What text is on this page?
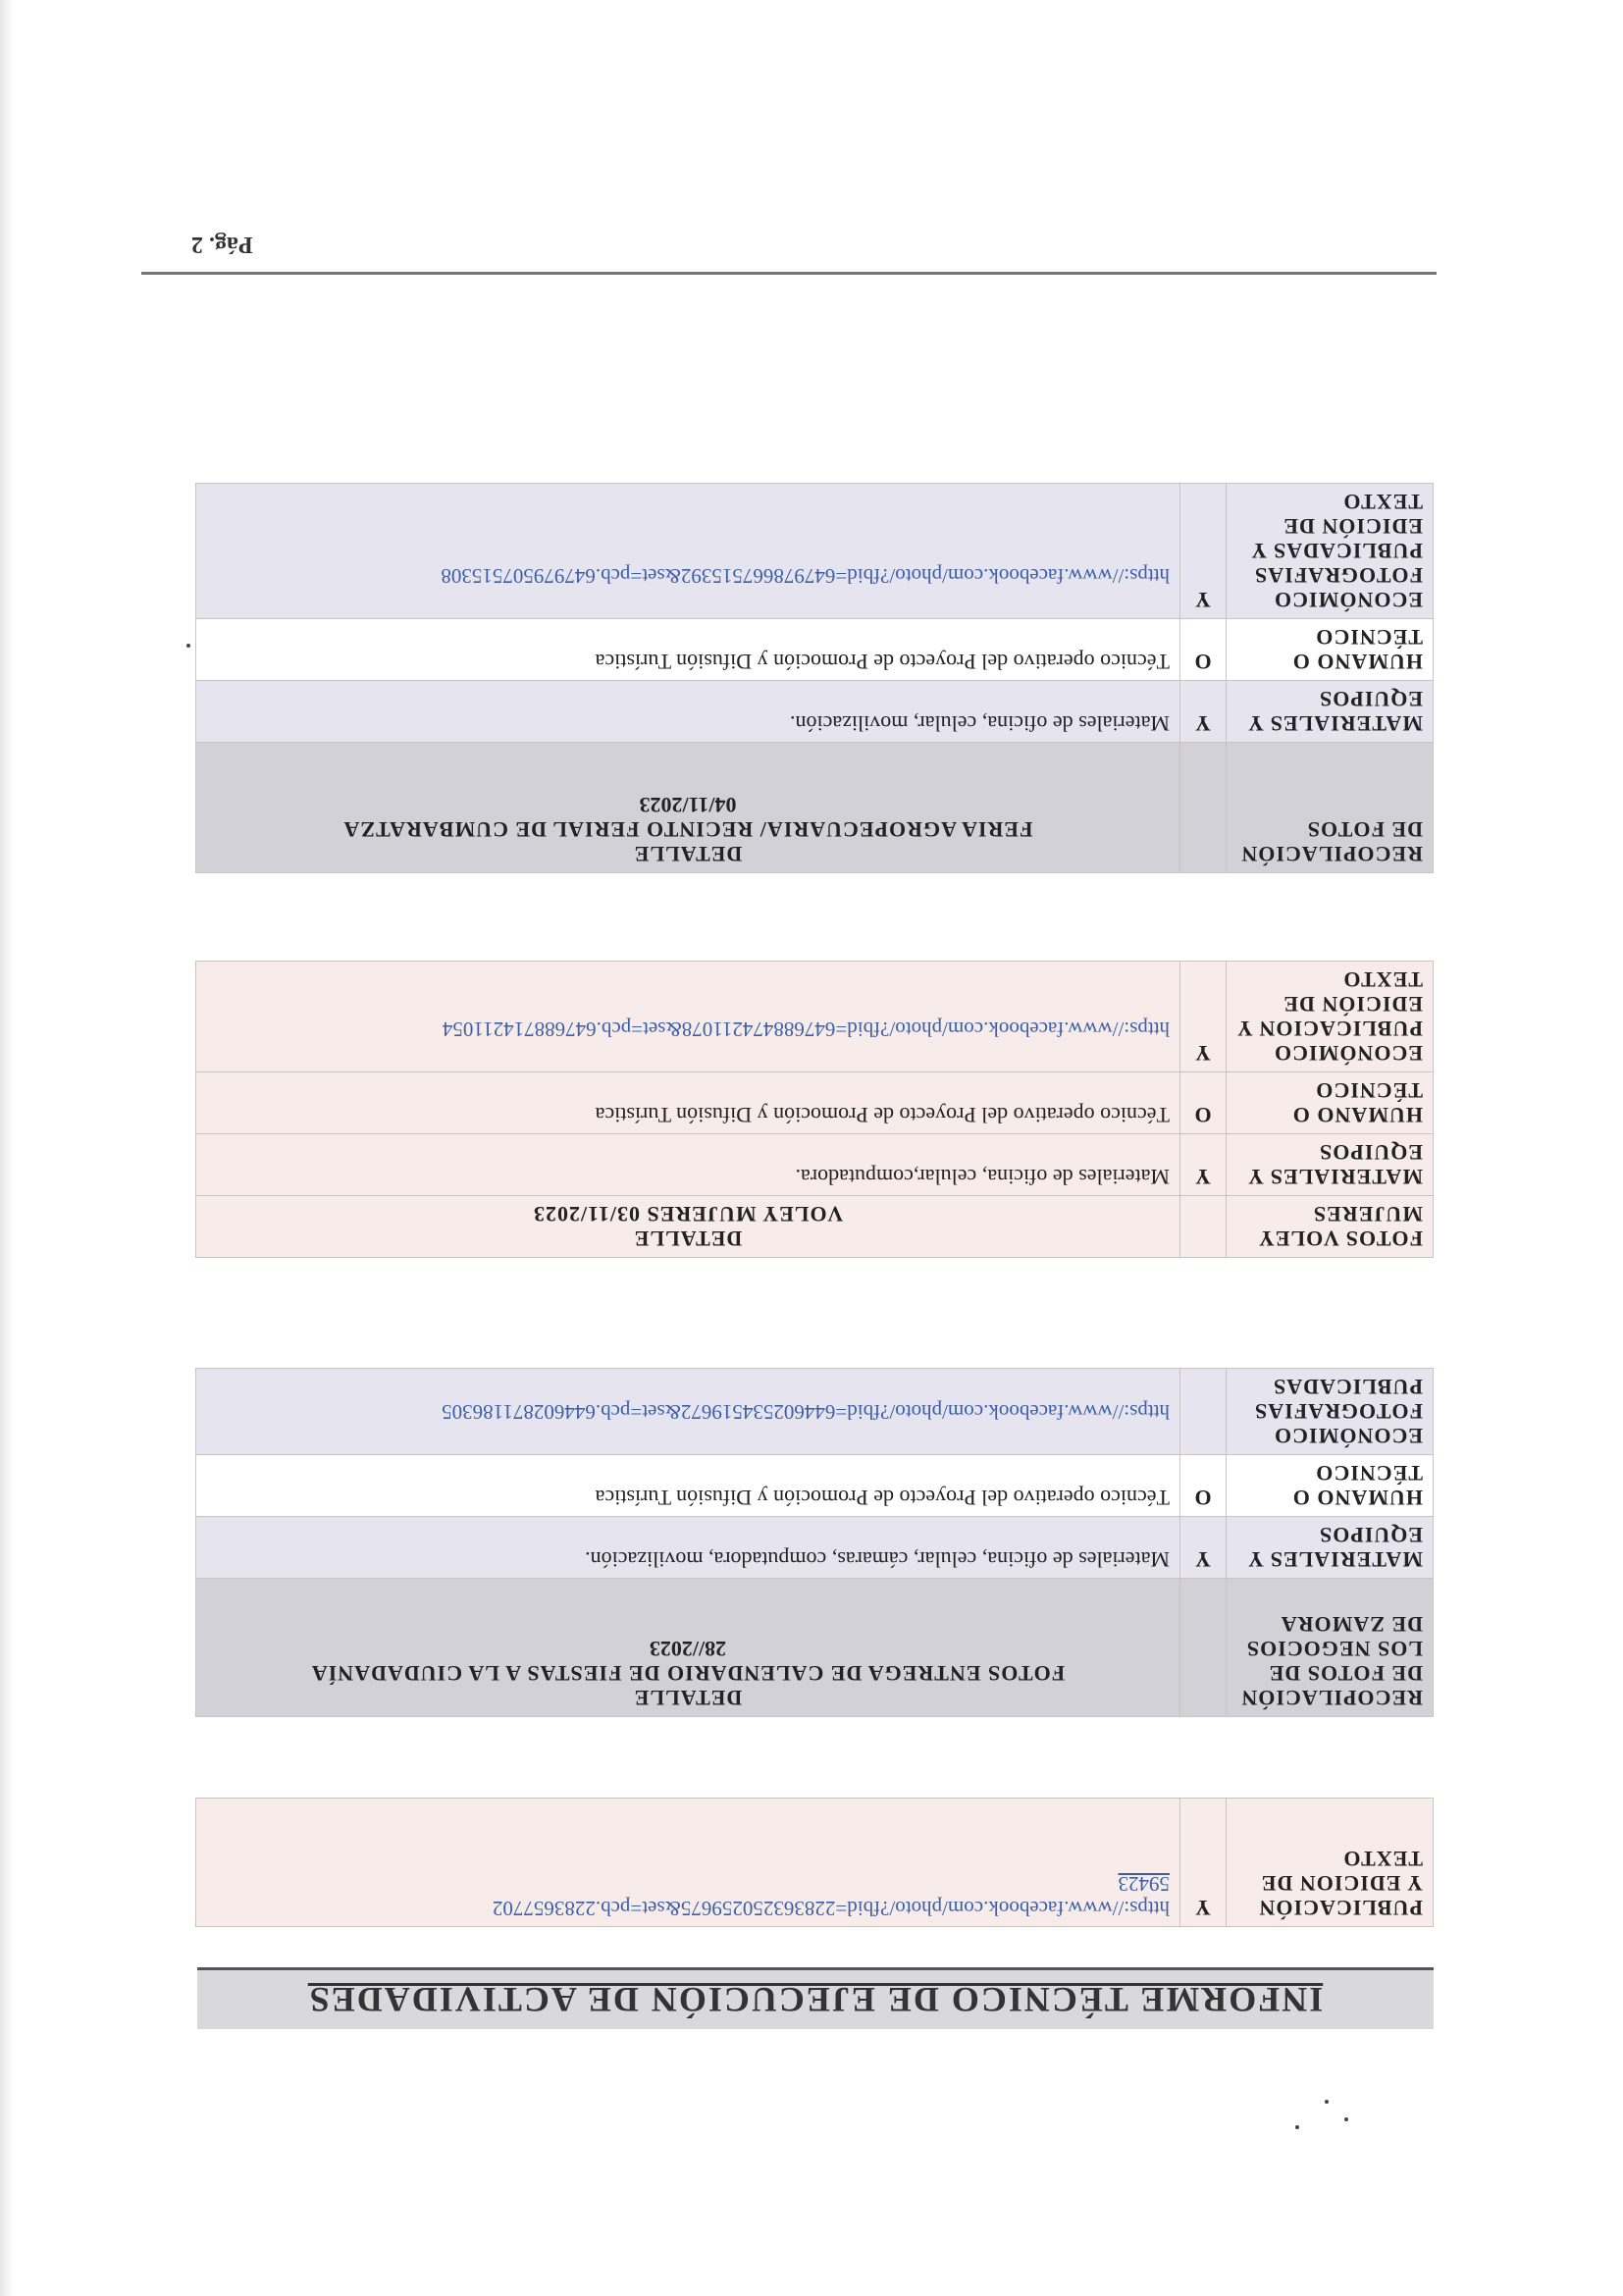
INFORME TÉCNICO DE EJECUCIÓN DE ACTIVIDADES
PUBLICACIÓN Y EDICION DE TEXTO	Y	
https://www.facebook.com/photo/?fbid=228363250259675&set=pcb.2283657702
59423
RECOPILACIÓN DE FOTOS DE LOS NEGOCIOS DE ZAMORA		DETALLE
FOTOS ENTREGA DE CALENDARIO DE FIESTAS A LA CIUDADANÍA
28//2023

MATERIALES Y EQUIPOS	Y	Materiales de oficina, celular, cámaras, computadora, movilización.
HUMANO O TÉCNICO	O	Técnico operativo del Proyecto de Promoción y Difusión Turística

ECONÓMICO
FOTOGRAFIAS PUBLICADAS		https://www.facebook.com/photo/?fbid=644602534519672&set=pcb.644602871186305
FOTOS VOLEY MUJERES		DETALLE
VOLEY MUJERES 03/11/2023

MATERIALES Y EQUIPOS	Y	Materiales de oficina, celular,computadora.
HUMANO O TÉCNICO	O	Técnico operativo del Proyecto de Promoción y Difusión Turística

ECONÓMICO
PUBLICACION Y EDICIÓN DE TEXTO	Y	https://www.facebook.com/photo/?fbid=647688474211078&set=pcb.647688714211054
RECOPILACIÓN DE FOTOS		DETALLE
FERIA AGROPECUARIA/ RECINTO FERIAL DE CUMBARATZA
04/11/2023

MATERIALES Y EQUIPOS	Y	Materiales de oficina, celular, movilización.
HUMANO O TÉCNICO	O	Técnico operativo del Proyecto de Promoción y Difusión Turística

ECONÓMICO
FOTOGRAFIAS PUBLICADAS Y EDICIÓN DE TEXTO	Y	https://www.facebook.com/photo/?fbid=647978667515392&set=pcb.647979507515308
Pág. 2
